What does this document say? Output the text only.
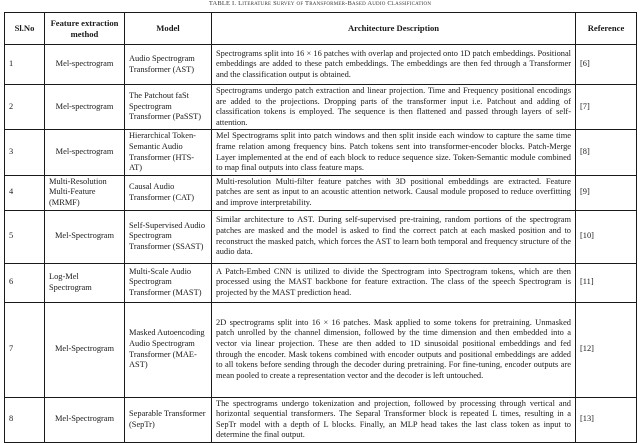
TABLE I. Literature Survey of Transformer-Based Audio Classification
Sl.No	Feature extraction method	Model	Architecture Description	Reference
1	Mel-spectrogram	Audio Spectrogram Transformer (AST)	Spectrograms split into 16 × 16 patches with overlap and projected onto 1D patch embeddings. Positional embeddings are added to these patch embeddings. The embeddings are then fed through a Transformer and the classification output is obtained.	[6]
2	Mel-spectrogram	The Patchout faSt Spectrogram Transformer (PaSST)	Spectrograms undergo patch extraction and linear projection. Time and Frequency positional encodings are added to the projections. Dropping parts of the transformer input i.e. Patchout and adding of classification tokens is employed. The sequence is then flattened and passed through layers of self-attention.	[7]
3	Mel-spectrogram	Hierarchical Token-Semantic Audio Transformer (HTS-AT)	Mel Spectrograms split into patch windows and then split inside each window to capture the same time frame relation among frequency bins. Patch tokens sent into transformer-encoder blocks. Patch-Merge Layer implemented at the end of each block to reduce sequence size. Token-Semantic module combined to map final outputs into class feature maps.	[8]
4	Multi-Resolution Multi-Feature (MRMF)	Causal Audio Transformer (CAT)	Multi-resolution Multi-filter feature patches with 3D positional embeddings are extracted. Feature patches are sent as input to an acoustic attention network. Causal module proposed to reduce overfitting and improve interpretability.	[9]
5	Mel-Spectrogram	Self-Supervised Audio Spectrogram Transformer (SSAST)	Similar architecture to AST. During self-supervised pre-training, random portions of the spectrogram patches are masked and the model is asked to find the correct patch at each masked position and to reconstruct the masked patch, which forces the AST to learn both temporal and frequency structure of the audio data.	[10]
6	Log-Mel Spectrogram	Multi-Scale Audio Spectrogram Transformer (MAST)	A Patch-Embed CNN is utilized to divide the Spectrogram into Spectrogram tokens, which are then processed using the MAST backbone for feature extraction. The class of the speech Spectrogram is projected by the MAST prediction head.	[11]
7	Mel-Spectrogram	Masked Autoencoding Audio Spectrogram Transformer (MAE-AST)	2D spectrograms split into 16 × 16 patches. Mask applied to some tokens for pretraining. Unmasked patch unrolled by the channel dimension, followed by the time dimension and then embedded into a vector via linear projection. These are then added to 1D sinusoidal positional embeddings and fed through the encoder. Mask tokens combined with encoder outputs and positional embeddings are added to all tokens before sending through the decoder during pretraining. For fine-tuning, encoder outputs are mean pooled to create a representation vector and the decoder is left untouched.	[12]
8	Mel-Spectrogram	Separable Transformer (SepTr)	The spectrograms undergo tokenization and projection, followed by processing through vertical and horizontal sequential transformers. The Separal Transformer block is repeated L times, resulting in a SepTr model with a depth of L blocks. Finally, an MLP head takes the last class token as input to determine the final output.	[13]
